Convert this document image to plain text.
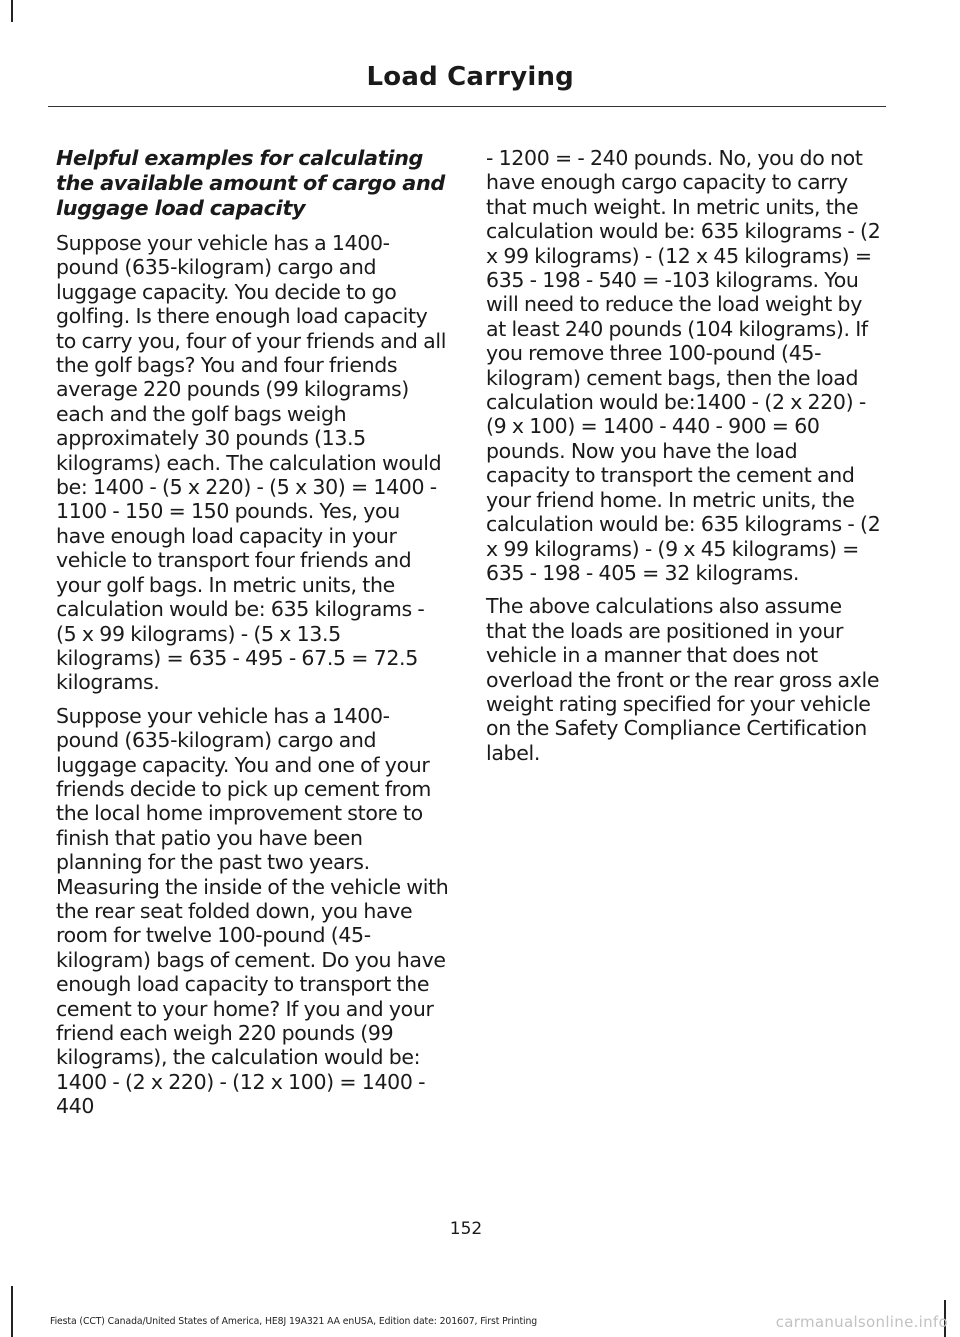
Load Carrying
Helpful examples for calculating the available amount of cargo and luggage load capacity

Suppose your vehicle has a 1400-pound (635-kilogram) cargo and luggage capacity. You decide to go golfing. Is there enough load capacity to carry you, four of your friends and all the golf bags? You and four friends average 220 pounds (99 kilograms) each and the golf bags weigh approximately 30 pounds (13.5 kilograms) each. The calculation would be: 1400 - (5 x 220) - (5 x 30) = 1400 - 1100 - 150 = 150 pounds. Yes, you have enough load capacity in your vehicle to transport four friends and your golf bags. In metric units, the calculation would be: 635 kilograms - (5 x 99 kilograms) - (5 x 13.5 kilograms) = 635 - 495 - 67.5 = 72.5 kilograms.

Suppose your vehicle has a 1400-pound (635-kilogram) cargo and luggage capacity. You and one of your friends decide to pick up cement from the local home improvement store to finish that patio you have been planning for the past two years. Measuring the inside of the vehicle with the rear seat folded down, you have room for twelve 100-pound (45-kilogram) bags of cement. Do you have enough load capacity to transport the cement to your home? If you and your friend each weigh 220 pounds (99 kilograms), the calculation would be: 1400 - (2 x 220) - (12 x 100) = 1400 - 440

- 1200 = - 240 pounds. No, you do not have enough cargo capacity to carry that much weight. In metric units, the calculation would be: 635 kilograms - (2 x 99 kilograms) - (12 x 45 kilograms) = 635 - 198 - 540 = -103 kilograms. You will need to reduce the load weight by at least 240 pounds (104 kilograms). If you remove three 100-pound (45-kilogram) cement bags, then the load calculation would be:1400 - (2 x 220) - (9 x 100) = 1400 - 440 - 900 = 60 pounds. Now you have the load capacity to transport the cement and your friend home. In metric units, the calculation would be: 635 kilograms - (2 x 99 kilograms) - (9 x 45 kilograms) = 635 - 198 - 405 = 32 kilograms.

The above calculations also assume that the loads are positioned in your vehicle in a manner that does not overload the front or the rear gross axle weight rating specified for your vehicle on the Safety Compliance Certification label.

152
Fiesta (CCT) Canada/United States of America, HE8J 19A321 AA enUSA, Edition date: 201607, First Printing	carmanualsonline.info
